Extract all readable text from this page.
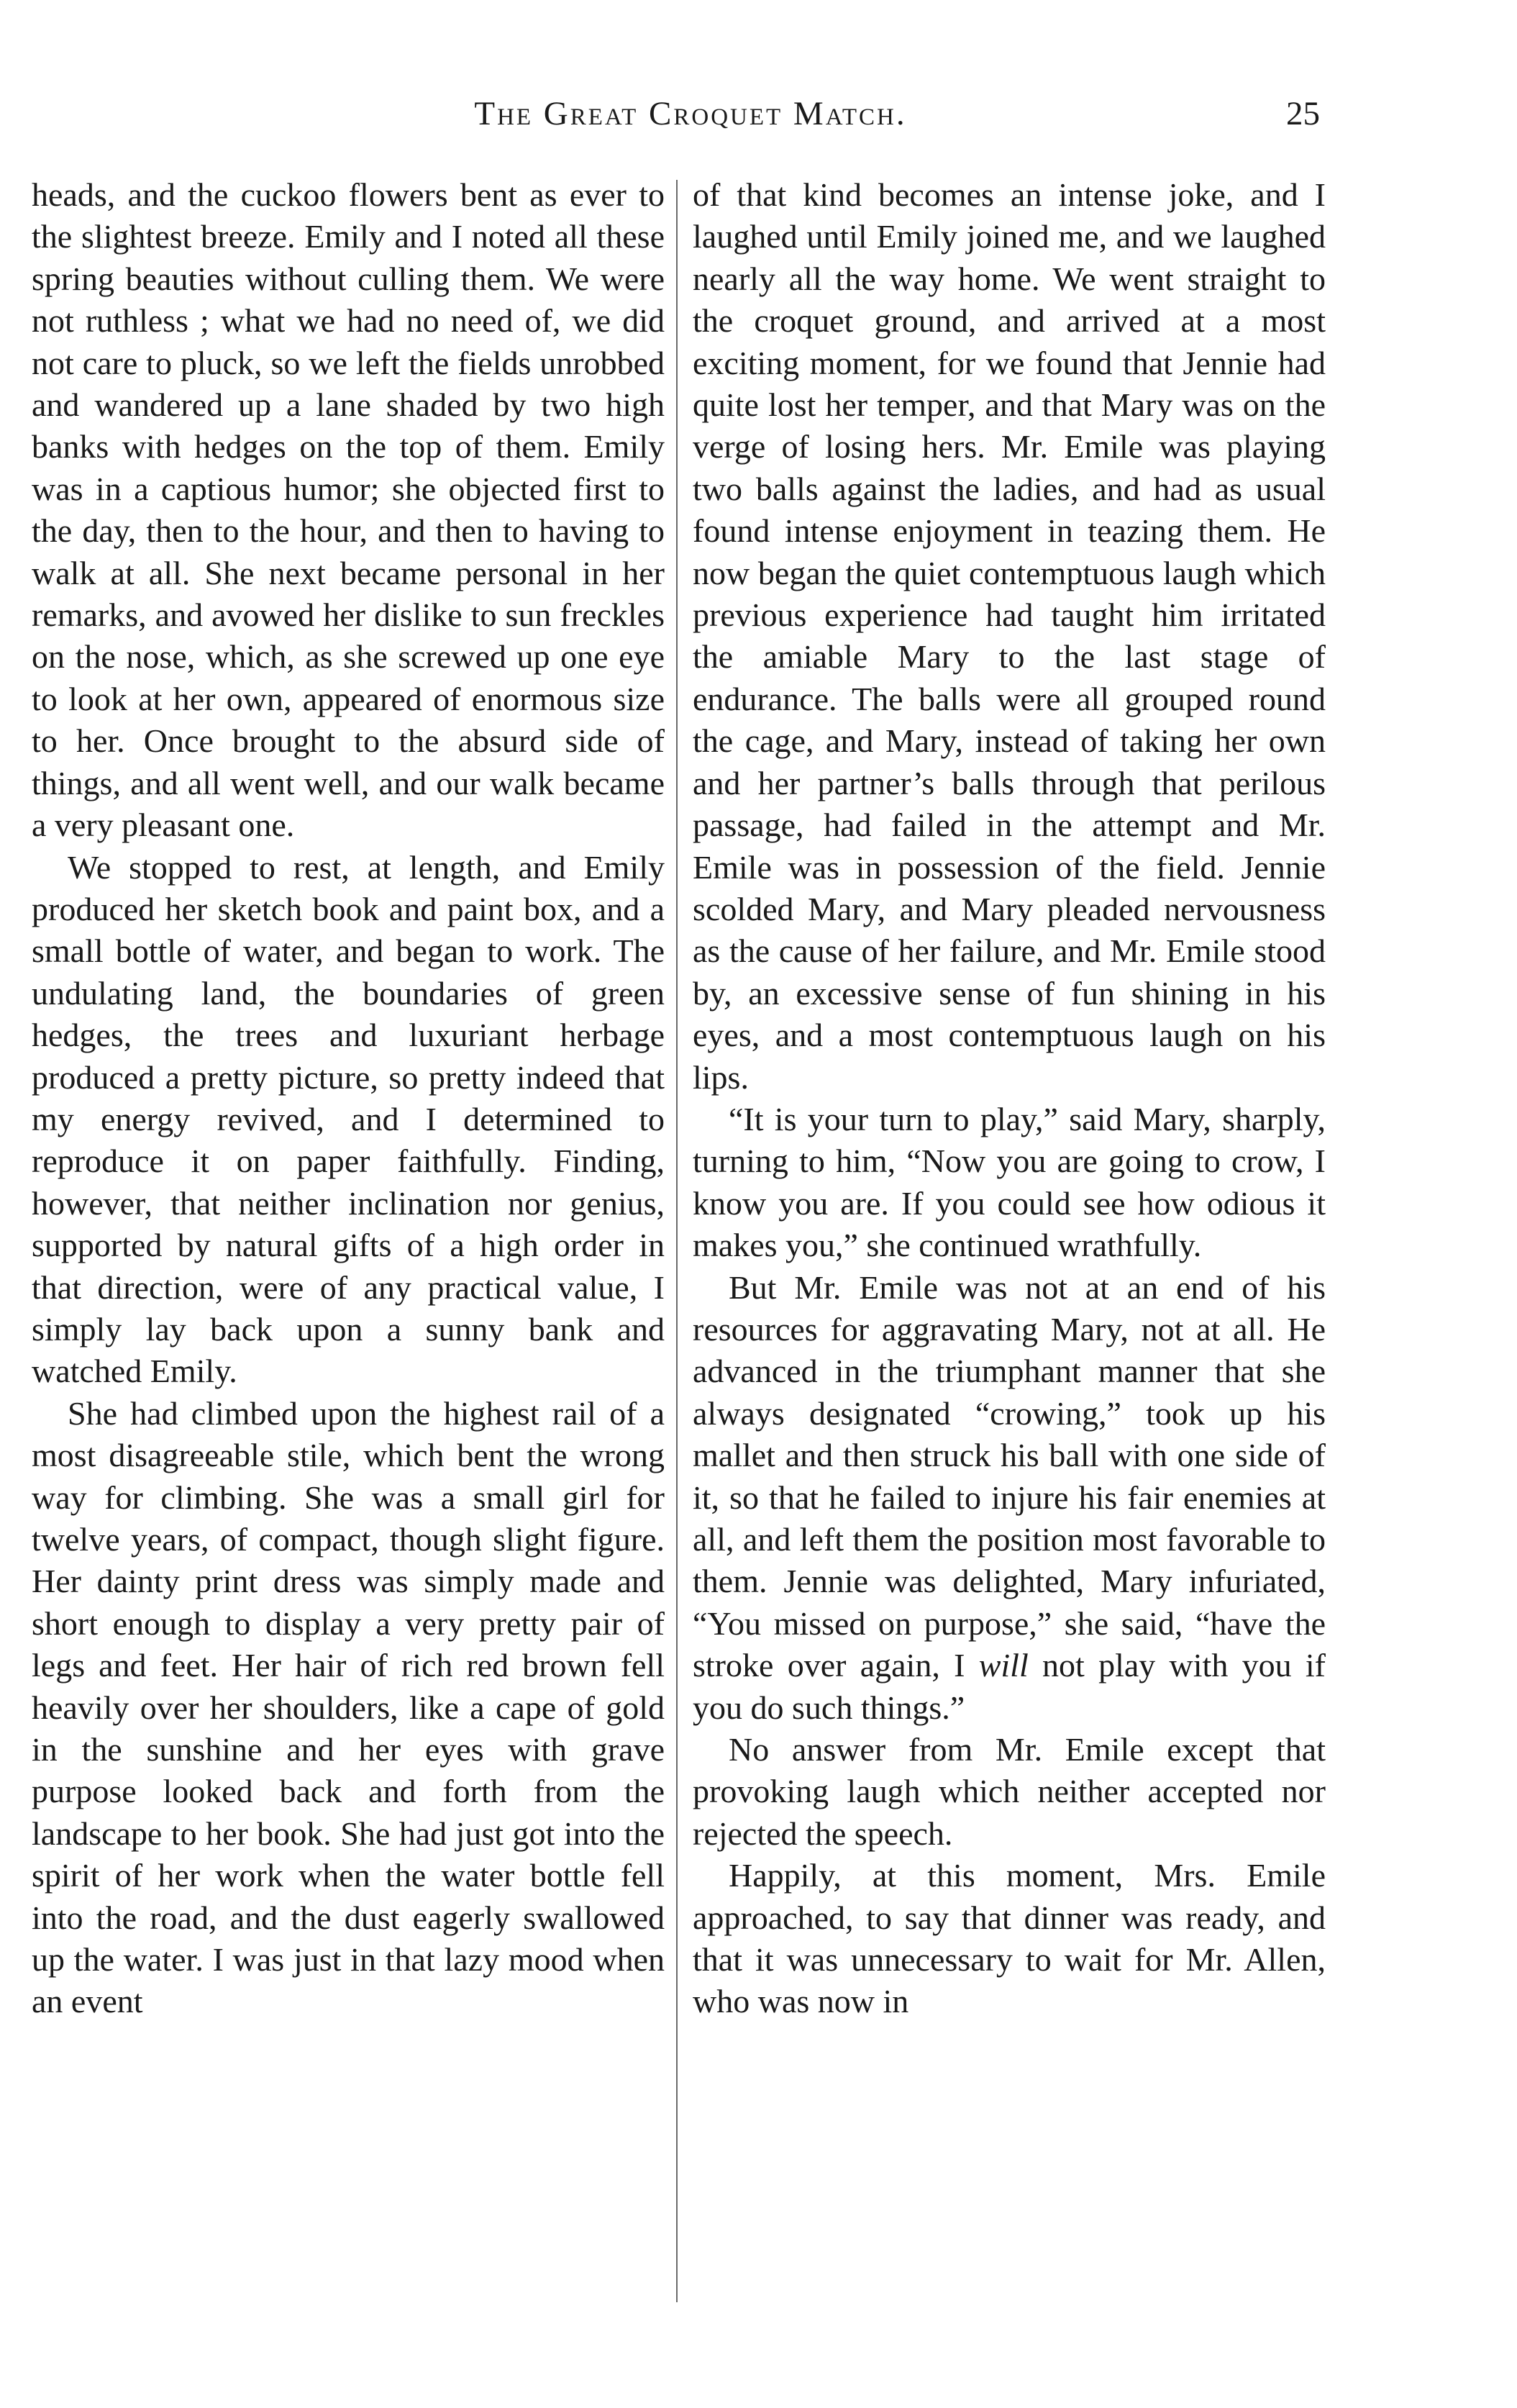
The Great Croquet Match.	25

heads, and the cuckoo flowers bent as ever to the slightest breeze. Emily and I noted all these spring beauties without culling them. We were not ruthless ; what we had no need of, we did not care to pluck, so we left the fields unrobbed and wandered up a lane shaded by two high banks with hedges on the top of them. Emily was in a captious humor; she objected first to the day, then to the hour, and then to having to walk at all. She next became personal in her remarks, and avowed her dislike to sun freckles on the nose, which, as she screwed up one eye to look at her own, appeared of enormous size to her. Once brought to the absurd side of things, and all went well, and our walk became a very pleasant one.

We stopped to rest, at length, and Emily produced her sketch book and paint box, and a small bottle of water, and began to work. The undulating land, the boundaries of green hedges, the trees and luxuriant herbage produced a pretty picture, so pretty indeed that my energy revived, and I determined to reproduce it on paper faithfully. Finding, however, that neither inclination nor genius, supported by natural gifts of a high order in that direction, were of any practical value, I simply lay back upon a sunny bank and watched Emily.

She had climbed upon the highest rail of a most disagreeable stile, which bent the wrong way for climbing. She was a small girl for twelve years, of compact, though slight figure. Her dainty print dress was simply made and short enough to display a very pretty pair of legs and feet. Her hair of rich red brown fell heavily over her shoulders, like a cape of gold in the sunshine and her eyes with grave purpose looked back and forth from the landscape to her book. She had just got into the spirit of her work when the water bottle fell into the road, and the dust eagerly swallowed up the water. I was just in that lazy mood when an event

of that kind becomes an intense joke, and I laughed until Emily joined me, and we laughed nearly all the way home. We went straight to the croquet ground, and arrived at a most exciting moment, for we found that Jennie had quite lost her temper, and that Mary was on the verge of losing hers. Mr. Emile was playing two balls against the ladies, and had as usual found intense enjoyment in teazing them. He now began the quiet contemptuous laugh which previous experience had taught him irritated the amiable Mary to the last stage of endurance. The balls were all grouped round the cage, and Mary, instead of taking her own and her partner’s balls through that perilous passage, had failed in the attempt and Mr. Emile was in possession of the field. Jennie scolded Mary, and Mary pleaded nervousness as the cause of her failure, and Mr. Emile stood by, an excessive sense of fun shining in his eyes, and a most contemptuous laugh on his lips.

“It is your turn to play,” said Mary, sharply, turning to him, “Now you are going to crow, I know you are. If you could see how odious it makes you,” she continued wrathfully.

But Mr. Emile was not at an end of his resources for aggravating Mary, not at all. He advanced in the triumphant manner that she always designated “crowing,” took up his mallet and then struck his ball with one side of it, so that he failed to injure his fair enemies at all, and left them the position most favorable to them. Jennie was delighted, Mary infuriated, “You missed on purpose,” she said, “have the stroke over again, I will not play with you if you do such things.”

No answer from Mr. Emile except that provoking laugh which neither accepted nor rejected the speech.

Happily, at this moment, Mrs. Emile approached, to say that dinner was ready, and that it was unnecessary to wait for Mr. Allen, who was now in
